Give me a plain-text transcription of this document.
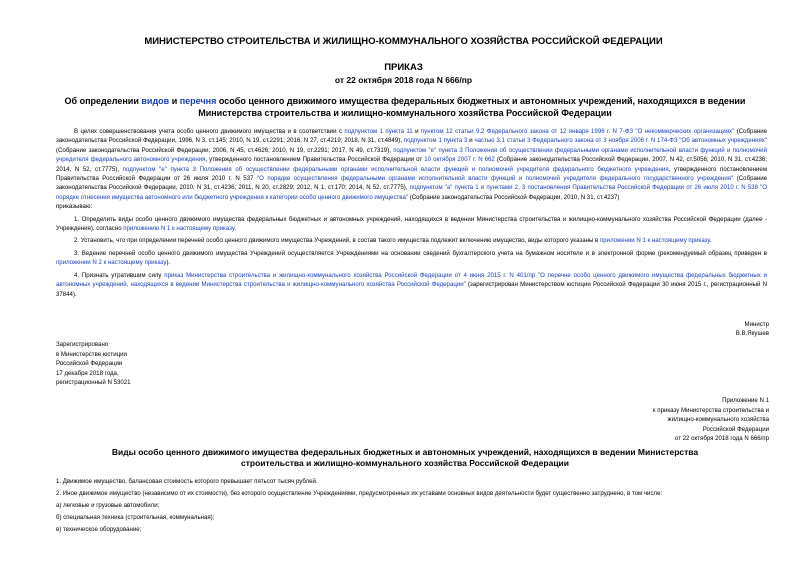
МИНИСТЕРСТВО СТРОИТЕЛЬСТВА И ЖИЛИЩНО-КОММУНАЛЬНОГО ХОЗЯЙСТВА РОССИЙСКОЙ ФЕДЕРАЦИИ
ПРИКАЗ
от 22 октября 2018 года N 666/пр
Об определении видов и перечня особо ценного движимого имущества федеральных бюджетных и автономных учреждений, находящихся в ведении Министерства строительства и жилищно-коммунального хозяйства Российской Федерации

В целях совершенствования учета особо ценного движимого имущества и в соответствии с подпунктом 1 пункта 11 и пунктом 12 статьи 9.2 Федерального закона от 12 января 1996 г. N 7-ФЗ "О некоммерческих организациях" (Собрание законодательства Российской Федерации, 1996, N 3, ст.145; 2010, N 19, ст.2291; 2016, N 27, ст.4219; 2018, N 31, ст.4849), подпунктом 1 пункта 3 и частью 3.1 статьи 3 Федерального закона от 3 ноября 2006 г. N 174-ФЗ "Об автономных учреждениях" (Собрание законодательства Российской Федерации, 2006, N 45, ст.4626; 2010, N 19, ст.2291; 2017, N 49, ст.7319), подпунктом "е" пункта 3 Положения об осуществлении федеральными органами исполнительной власти функций и полномочий учредителя федерального автономного учреждения, утвержденного постановлением Правительства Российской Федерации от 10 октября 2007 г. N 662 (Собрание законодательства Российской Федерации, 2007, N 42, ст.5056; 2010, N 31, ст.4236; 2014, N 52, ст.7775), подпунктом "е" пункта 3 Положения об осуществлении федеральными органами исполнительной власти функций и полномочий учредителя федерального бюджетного учреждения, утвержденного постановлением Правительства Российской Федерации от 26 июля 2010 г. N 537 "О порядке осуществления федеральными органами исполнительной власти функций и полномочий учредителя федерального государственного учреждения" (Собрание законодательства Российской Федерации, 2010, N 31, ст.4236; 2011, N 20, ст.2829; 2012, N 1, ст.170; 2014, N 52, ст.7775), подпунктом "а" пункта 1 и пунктами 2, 3 постановления Правительства Российской Федерации от 26 июля 2010 г. N 538 "О порядке отнесения имущества автономного или бюджетного учреждения к категории особо ценного движимого имущества" (Собрание законодательства Российской Федерации, 2010, N 31, ст.4237)

приказываю:

1. Определить виды особо ценного движимого имущества федеральных бюджетных и автономных учреждений, находящихся в ведении Министерства строительства и жилищно-коммунального хозяйства Российской Федерации (далее - Учреждения), согласно приложению N 1 к настоящему приказу.

2. Установить, что при определении перечней особо ценного движимого имущества Учреждений, в состав такого имущества подлежит включению имущество, виды которого указаны в приложении N 1 к настоящему приказу.

3. Ведение перечней особо ценного движимого имущества Учреждений осуществляется Учреждениями на основании сведений бухгалтерского учета на бумажном носителе и в электронной форме (рекомендуемый образец приведен в приложении N 2 к настоящему приказу).

4. Признать утратившим силу приказ Министерства строительства и жилищно-коммунального хозяйства Российской Федерации от 4 июня 2015 г. N 401/пр "О перечне особо ценного движимого имущества федеральных бюджетных и автономных учреждений, находящихся в ведении Министерства строительства и жилищно-коммунального хозяйства Российской Федерации" (зарегистрирован Министерством юстиции Российской Федерации 30 июня 2015 г., регистрационный N 37844).

Министр
В.В.Якушев
Зарегистрировано
в Министерстве юстиции
Российской Федерации
17 декабря 2018 года,
регистрационный N 53021
Приложение N 1
к приказу Министерства строительства и
жилищно-коммунального хозяйства
Российской Федерации
от 22 октября 2018 года N 666/пр
Виды особо ценного движимого имущества федеральных бюджетных и автономных учреждений, находящихся в ведении Министерства строительства и жилищно-коммунального хозяйства Российской Федерации
1. Движимое имущество, балансовая стоимость которого превышает пятьсот тысяч рублей.
2. Иное движимое имущество (независимо от их стоимости), без которого осуществление Учреждениями, предусмотренных их уставами основных видов деятельности будет существенно затруднено, в том числе:
а) легковые и грузовые автомобили;
б) специальная техника (строительная, коммунальная);
в) техническое оборудование;
